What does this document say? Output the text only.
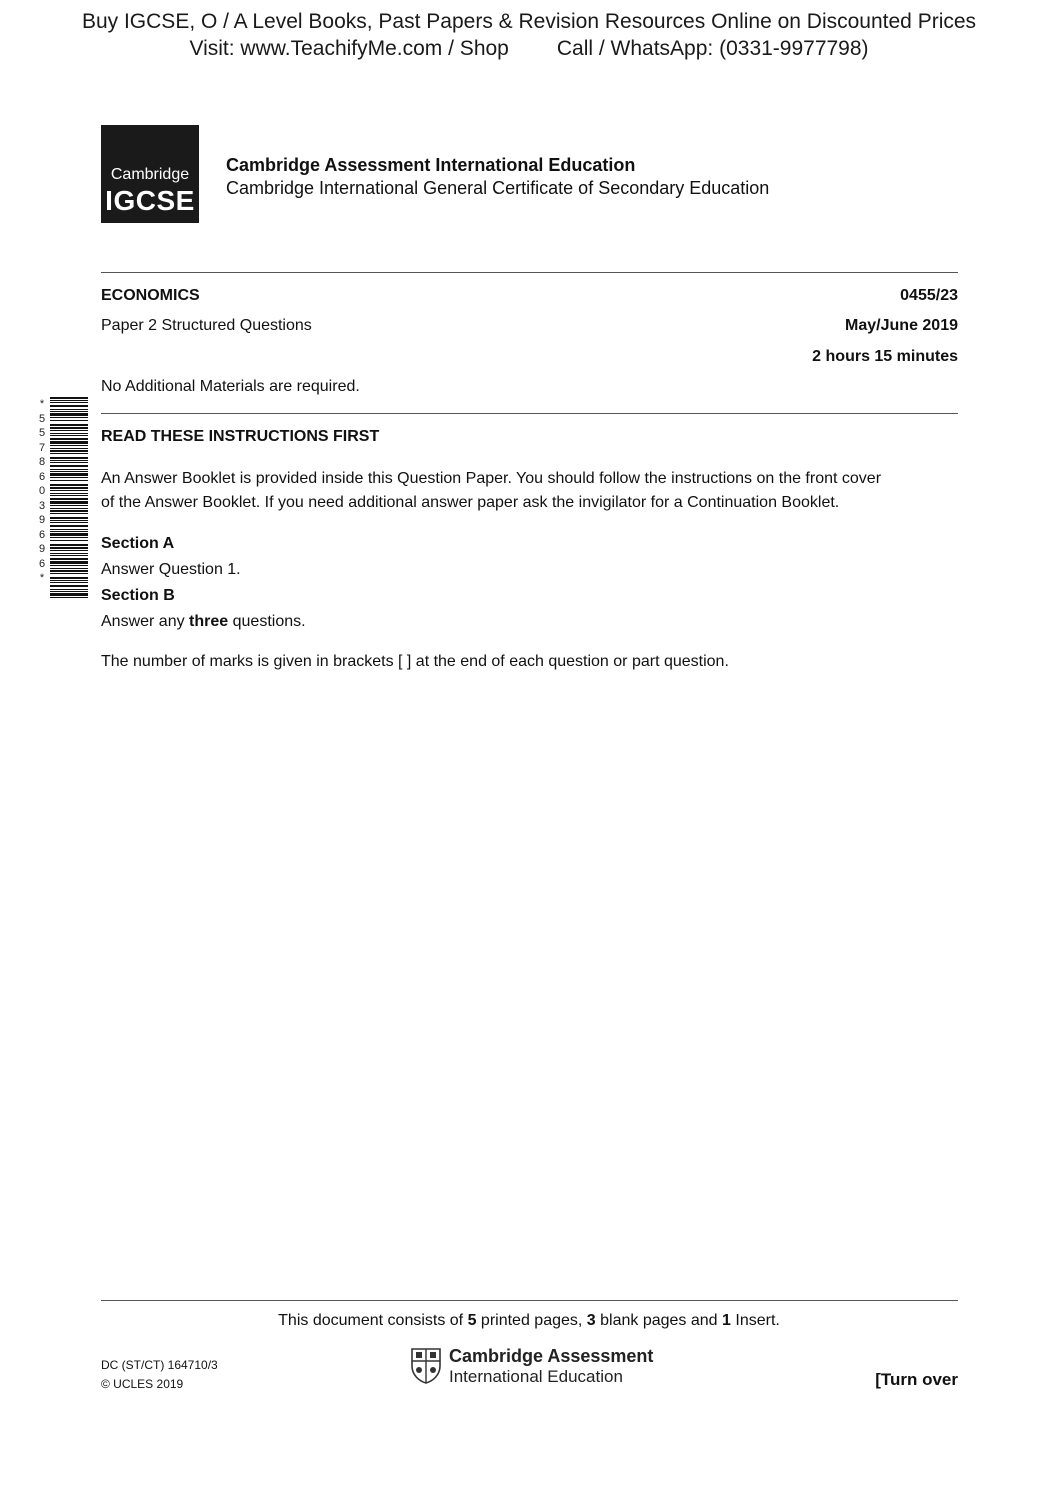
Buy IGCSE, O / A Level Books, Past Papers & Revision Resources Online on Discounted Prices
Visit: www.TeachifyMe.com / Shop Call / WhatsApp: (0331-9977798)
Cambridge
IGCSE
Cambridge Assessment International Education
Cambridge International General Certificate of Secondary Education
ECONOMICS	0455/23
Paper 2 Structured Questions	May/June 2019
2 hours 15 minutes
No Additional Materials are required.
*
5
5
7
8
6
0
3
9
6
9
6
*
READ THESE INSTRUCTIONS FIRST
An Answer Booklet is provided inside this Question Paper. You should follow the instructions on the front cover
of the Answer Booklet. If you need additional answer paper ask the invigilator for a Continuation Booklet.
Section A
Answer Question 1.
Section B
Answer any three questions.
The number of marks is given in brackets [ ] at the end of each question or part question.
This document consists of 5 printed pages, 3 blank pages and 1 Insert.
DC (ST/CT) 164710/3
© UCLES 2019
Cambridge Assessment
International Education	[Turn over
